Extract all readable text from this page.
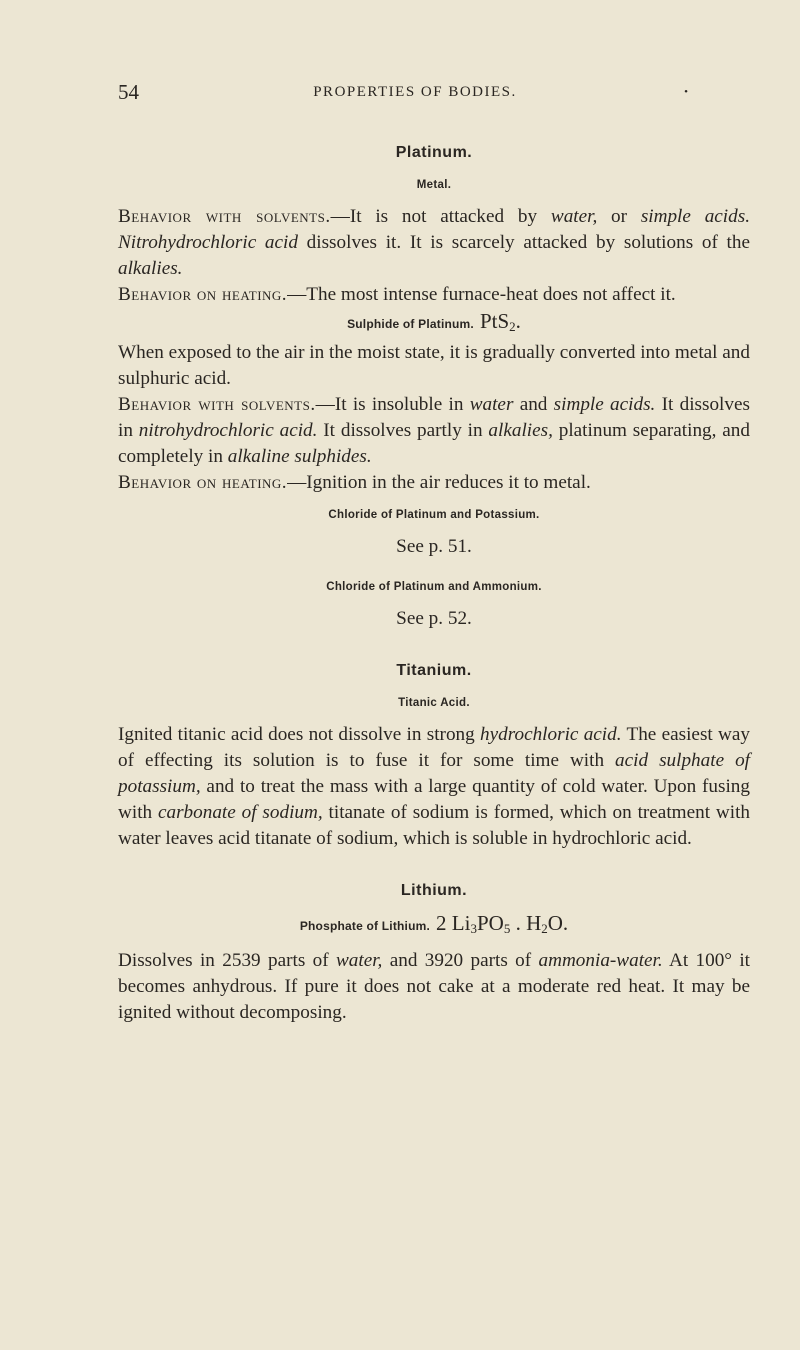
54	PROPERTIES OF BODIES.	•
Platinum.
Metal.

Behavior with solvents.—It is not attacked by water, or simple acids. Nitrohydrochloric acid dissolves it. It is scarcely attacked by solutions of the alkalies.

Behavior on heating.—The most intense furnace-heat does not affect it.

Sulphide of Platinum. PtS$_2$.

When exposed to the air in the moist state, it is gradually converted into metal and sulphuric acid.

Behavior with solvents.—It is insoluble in water and simple acids. It dissolves in nitrohydrochloric acid. It dissolves partly in alkalies, platinum separating, and completely in alkaline sulphides.

Behavior on heating.—Ignition in the air reduces it to metal.

Chloride of Platinum and Potassium.

See p. 51.

Chloride of Platinum and Ammonium.

See p. 52.

Titanium.
Titanic Acid.

Ignited titanic acid does not dissolve in strong hydrochloric acid. The easiest way of effecting its solution is to fuse it for some time with acid sulphate of potassium, and to treat the mass with a large quantity of cold water. Upon fusing with carbonate of sodium, titanate of sodium is formed, which on treatment with water leaves acid titanate of sodium, which is soluble in hydrochloric acid.

Lithium.
Phosphate of Lithium. 2 $Li_3PO_5$ . $H_2O$.

Dissolves in 2539 parts of water, and 3920 parts of ammonia-water. At 100° it becomes anhydrous. If pure it does not cake at a moderate red heat. It may be ignited without decomposing.
